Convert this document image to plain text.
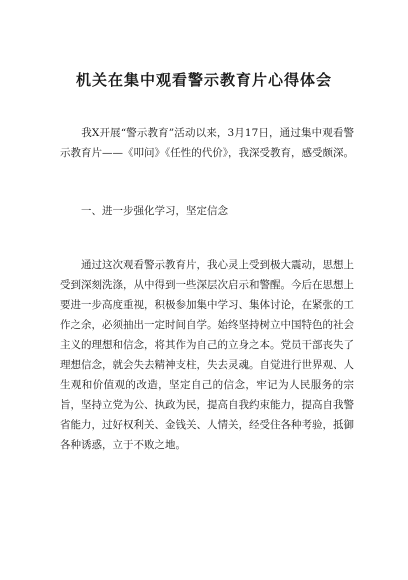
机关在集中观看警示教育片心得体会

　　我X开展“警示教育”活动以来，3月17日，通过集中观看警示教育片——《叩问》《任性的代价》，我深受教育，感受颇深。

　　一、进一步强化学习，坚定信念

　　通过这次观看警示教育片，我心灵上受到极大震动，思想上受到深刻洗涤，从中得到一些深层次启示和警醒。今后在思想上要进一步高度重视，积极参加集中学习、集体讨论，在紧张的工作之余，必须抽出一定时间自学。始终坚持树立中国特色的社会主义的理想和信念，将其作为自己的立身之本。党员干部丧失了理想信念，就会失去精神支柱，失去灵魂。自觉进行世界观、人生观和价值观的改造，坚定自己的信念，牢记为人民服务的宗旨，坚持立党为公、执政为民，提高自我约束能力，提高自我警省能力，过好权利关、金钱关、人情关，经受住各种考验，抵御各种诱惑，立于不败之地。
